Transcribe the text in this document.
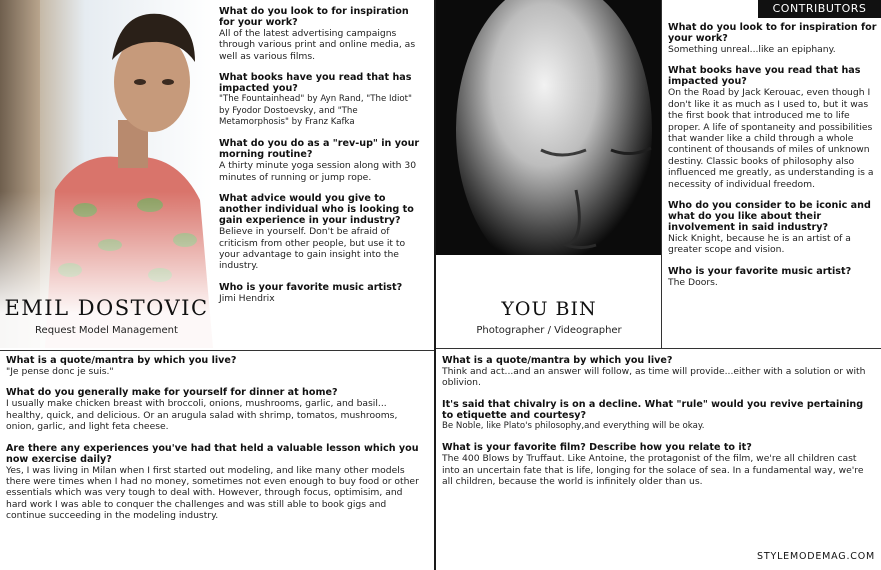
EMIL DOSTOVIC
Request Model Management
What do you look to for inspiration for your work?
All of the latest advertising campaigns through various print and online media, as well as various films.
What books have you read that has impacted you?
"The Fountainhead" by Ayn Rand, "The Idiot" by Fyodor Dostoevsky, and "The Metamorphosis" by Franz Kafka
What do you do as a "rev-up" in your morning routine?
A thirty minute yoga session along with 30 minutes of running or jump rope.
What advice would you give to another individual who is looking to gain experience in your industry?
Believe in yourself. Don't be afraid of criticism from other people, but use it to your advantage to gain insight into the industry.
Who is your favorite music artist?
Jimi Hendrix
What is a quote/mantra by which you live?
"Je pense donc je suis."
What do you generally make for yourself for dinner at home?
I usually make chicken breast with broccoli, onions, mushrooms, garlic, and basil... healthy, quick, and delicious. Or an arugula salad with shrimp, tomatos, mushrooms, onion, garlic, and light feta cheese.
Are there any experiences you've had that held a valuable lesson which you now exercise daily?
Yes, I was living in Milan when I first started out modeling, and like many other models there were times when I had no money, sometimes not even enough to buy food or other essentials which was very tough to deal with. However, through focus, optimisim, and hard work I was able to conquer the challenges and was still able to book gigs and continue succeeding in the modeling industry.
YOU BIN
Photographer / Videographer
What do you look to for inspiration for your work?
Something unreal...like an epiphany.
What books have you read that has impacted you?
On the Road by Jack Kerouac, even though I don't like it as much as I used to, but it was the first book that introduced me to life proper. A life of spontaneity and possibilities that wander like a child through a whole continent of thousands of miles of unknown destiny. Classic books of philosophy also influenced me greatly, as understanding is a necessity of individual freedom.
Who do you consider to be iconic and what do you like about their involvement in said industry?
Nick Knight, because he is an artist of a greater scope and vision.
Who is your favorite music artist?
The Doors.
What is a quote/mantra by which you live?
Think and act...and an answer will follow, as time will provide...either with a solution or with oblivion.
It's said that chivalry is on a decline. What "rule" would you revive pertaining to etiquette and courtesy?
Be Noble, like Plato's philosophy,and everything will be okay.
What is your favorite film? Describe how you relate to it?
The 400 Blows by Truffaut. Like Antoine, the protagonist of the film, we're all children cast into an uncertain fate that is life, longing for the solace of sea. In a fundamental way, we're all children, because the world is infinitely older than us.
CONTRIBUTORS
STYLEMODEMAG.COM
